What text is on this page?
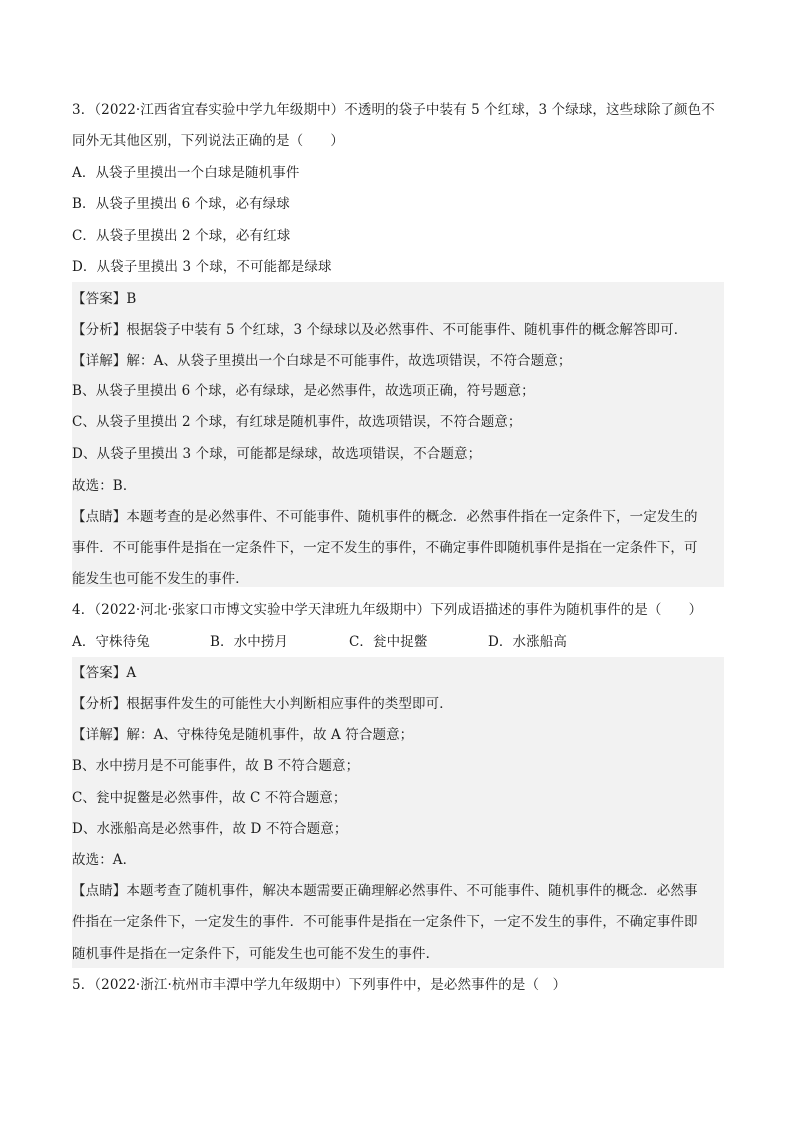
3．（2022·江西省宜春实验中学九年级期中）不透明的袋子中装有 5 个红球，3 个绿球，这些球除了颜色不
同外无其他区别，下列说法正确的是（　　）
A．从袋子里摸出一个白球是随机事件
B．从袋子里摸出 6 个球，必有绿球
C．从袋子里摸出 2 个球，必有红球
D．从袋子里摸出 3 个球，不可能都是绿球
【答案】B
【分析】根据袋子中装有 5 个红球，3 个绿球以及必然事件、不可能事件、随机事件的概念解答即可．
【详解】解：A、从袋子里摸出一个白球是不可能事件，故选项错误，不符合题意；
B、从袋子里摸出 6 个球，必有绿球，是必然事件，故选项正确，符号题意；
C、从袋子里摸出 2 个球，有红球是随机事件，故选项错误，不符合题意；
D、从袋子里摸出 3 个球，可能都是绿球，故选项错误，不合题意；
故选：B．
【点睛】本题考查的是必然事件、不可能事件、随机事件的概念．必然事件指在一定条件下，一定发生的
事件．不可能事件是指在一定条件下，一定不发生的事件，不确定事件即随机事件是指在一定条件下，可
能发生也可能不发生的事件．
4．（2022·河北·张家口市博文实验中学天津班九年级期中）下列成语描述的事件为随机事件的是（　　）
A．守株待兔	B．水中捞月	C．瓮中捉鳖	D．水涨船高
【答案】A
【分析】根据事件发生的可能性大小判断相应事件的类型即可．
【详解】解：A、守株待兔是随机事件，故 A 符合题意；
B、水中捞月是不可能事件，故 B 不符合题意；
C、瓮中捉鳖是必然事件，故 C 不符合题意；
D、水涨船高是必然事件，故 D 不符合题意；
故选：A．
【点睛】本题考查了随机事件，解决本题需要正确理解必然事件、不可能事件、随机事件的概念．必然事
件指在一定条件下，一定发生的事件．不可能事件是指在一定条件下，一定不发生的事件，不确定事件即
随机事件是指在一定条件下，可能发生也可能不发生的事件．
5．（2022·浙江·杭州市丰潭中学九年级期中）下列事件中，是必然事件的是（　）
